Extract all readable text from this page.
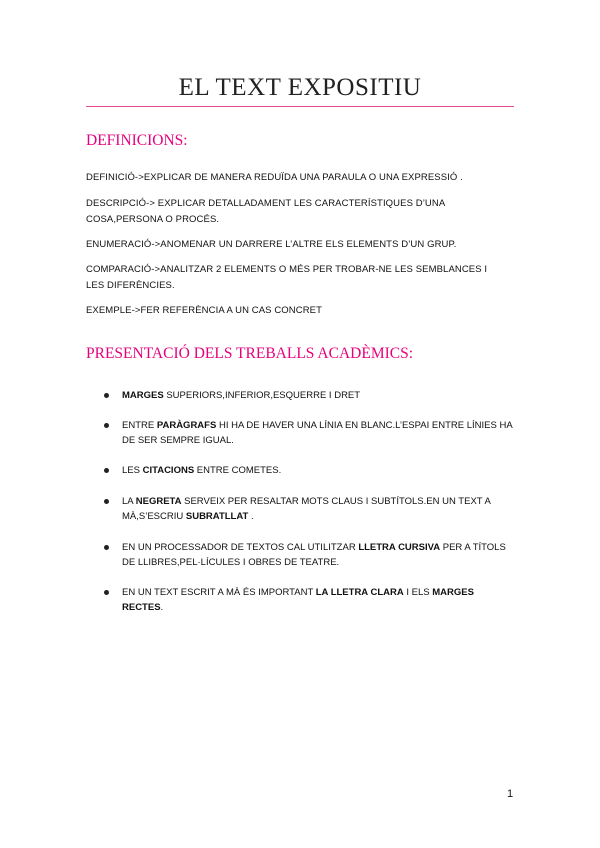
EL TEXT EXPOSITIU
DEFINICIONS:

DEFINICIÓ->EXPLICAR DE MANERA REDUÏDA UNA PARAULA O UNA EXPRESSIÓ .

DESCRIPCIÓ-> EXPLICAR DETALLADAMENT LES CARACTERÍSTIQUES D’UNA COSA,PERSONA O PROCÉS.

ENUMERACIÓ->ANOMENAR UN DARRERE L’ALTRE ELS ELEMENTS D’UN GRUP.

COMPARACIÓ->ANALITZAR 2 ELEMENTS O MÉS PER TROBAR-NE LES SEMBLANCES I LES DIFERÈNCIES.

EXEMPLE->FER REFERÈNCIA A UN CAS CONCRET

PRESENTACIÓ DELS TREBALLS ACADÈMICS:
MARGES SUPERIORS,INFERIOR,ESQUERRE I DRET
ENTRE PARÀGRAFS HI HA DE HAVER UNA LÍNIA EN BLANC.L’ESPAI ENTRE LÍNIES HA DE SER SEMPRE IGUAL.
LES CITACIONS ENTRE COMETES.
LA NEGRETA SERVEIX PER RESALTAR MOTS CLAUS I SUBTÍTOLS.EN UN TEXT A MÀ,S’ESCRIU SUBRATLLAT .
EN UN PROCESSADOR DE TEXTOS CAL UTILITZAR LLETRA CURSIVA PER A TÍTOLS DE LLIBRES,PEL·LÍCULES I OBRES DE TEATRE.
EN UN TEXT ESCRIT A MÀ ÉS IMPORTANT LA LLETRA CLARA I ELS MARGES RECTES.
1
